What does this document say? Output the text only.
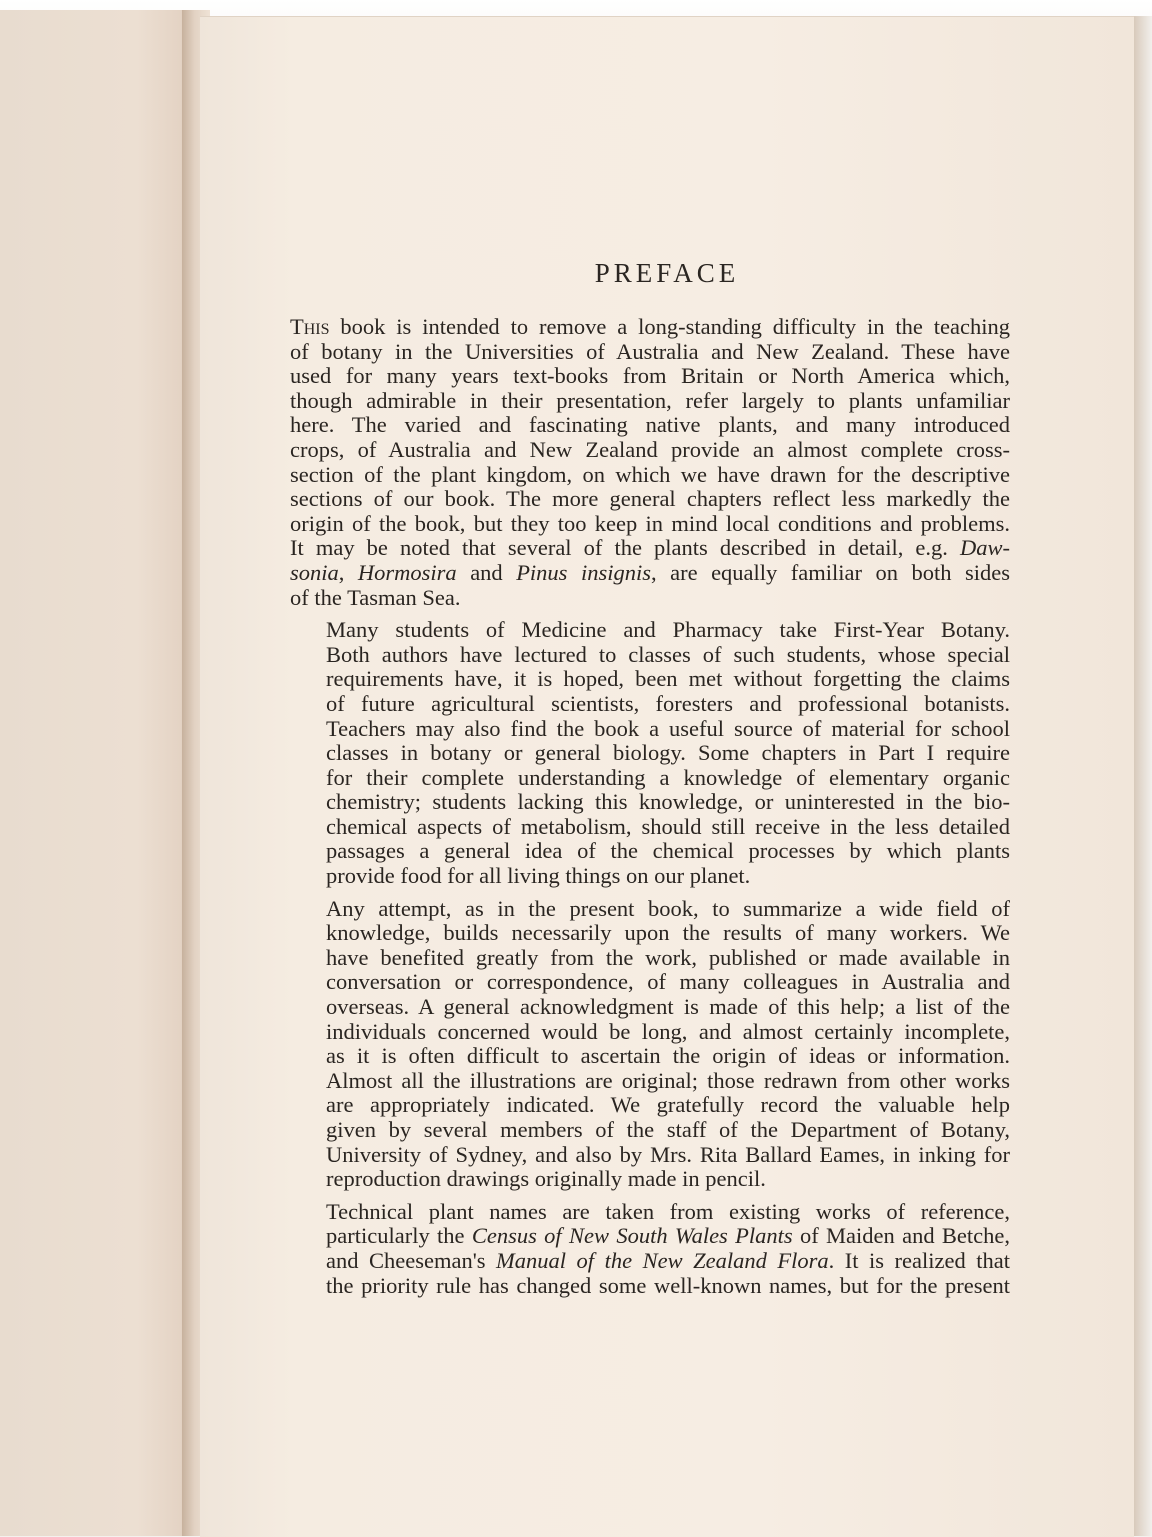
PREFACE

This book is intended to remove a long-standing difficulty in the teaching
of botany in the Universities of Australia and New Zealand. These have
used for many years text-books from Britain or North America which,
though admirable in their presentation, refer largely to plants unfamiliar
here. The varied and fascinating native plants, and many introduced
crops, of Australia and New Zealand provide an almost complete cross-
section of the plant kingdom, on which we have drawn for the descriptive
sections of our book. The more general chapters reflect less markedly the
origin of the book, but they too keep in mind local conditions and problems.
It may be noted that several of the plants described in detail, e.g. Daw-
sonia, Hormosira and Pinus insignis, are equally familiar on both sides
of the Tasman Sea.

Many students of Medicine and Pharmacy take First-Year Botany.
Both authors have lectured to classes of such students, whose special
requirements have, it is hoped, been met without forgetting the claims
of future agricultural scientists, foresters and professional botanists.
Teachers may also find the book a useful source of material for school
classes in botany or general biology. Some chapters in Part I require
for their complete understanding a knowledge of elementary organic
chemistry; students lacking this knowledge, or uninterested in the bio-
chemical aspects of metabolism, should still receive in the less detailed
passages a general idea of the chemical processes by which plants
provide food for all living things on our planet.

Any attempt, as in the present book, to summarize a wide field of
knowledge, builds necessarily upon the results of many workers. We
have benefited greatly from the work, published or made available in
conversation or correspondence, of many colleagues in Australia and
overseas. A general acknowledgment is made of this help; a list of the
individuals concerned would be long, and almost certainly incomplete,
as it is often difficult to ascertain the origin of ideas or information.
Almost all the illustrations are original; those redrawn from other works
are appropriately indicated. We gratefully record the valuable help
given by several members of the staff of the Department of Botany,
University of Sydney, and also by Mrs. Rita Ballard Eames, in inking for
reproduction drawings originally made in pencil.

Technical plant names are taken from existing works of reference,
particularly the Census of New South Wales Plants of Maiden and Betche,
and Cheeseman's Manual of the New Zealand Flora. It is realized that
the priority rule has changed some well-known names, but for the present
